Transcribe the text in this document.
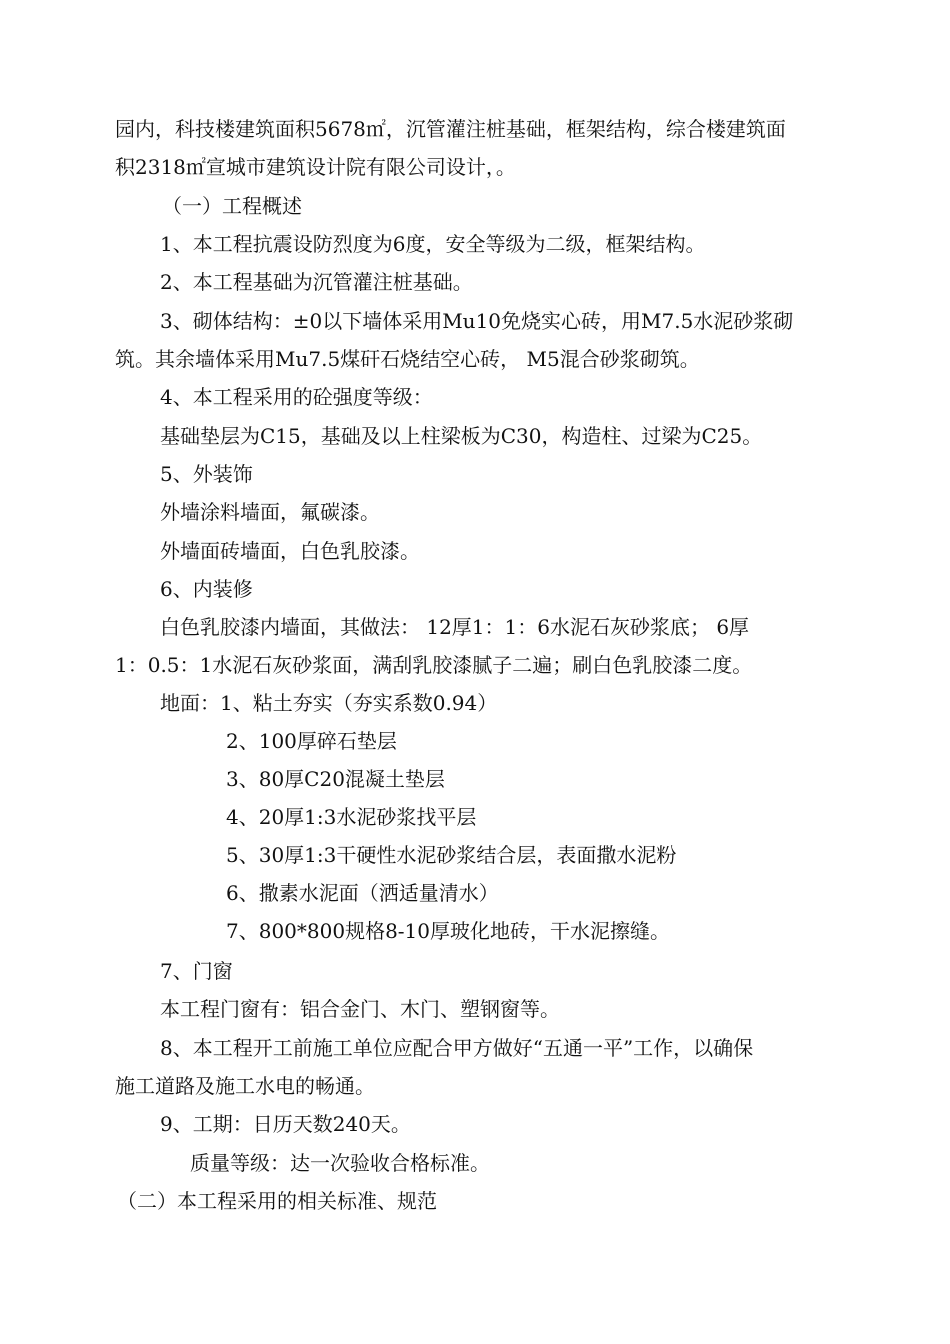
园内，科技楼建筑面积5678㎡，沉管灌注桩基础，框架结构，综合楼建筑面
积2318㎡宣城市建筑设计院有限公司设计，。
（一）工程概述
1、本工程抗震设防烈度为6度，安全等级为二级，框架结构。
2、本工程基础为沉管灌注桩基础。
3、砌体结构：±0以下墙体采用Mu10免烧实心砖，用M7.5水泥砂浆砌
筑。其余墙体采用Mu7.5煤矸石烧结空心砖， M5混合砂浆砌筑。
4、本工程采用的砼强度等级：
基础垫层为C15，基础及以上柱梁板为C30，构造柱、过梁为C25。
5、外装饰
外墙涂料墙面，氟碳漆。
外墙面砖墙面，白色乳胶漆。
6、内装修
白色乳胶漆内墙面，其做法： 12厚1：1：6水泥石灰砂浆底； 6厚
1：0.5：1水泥石灰砂浆面，满刮乳胶漆腻子二遍；刷白色乳胶漆二度。
地面：1、粘土夯实（夯实系数0.94）
2、100厚碎石垫层
3、80厚C20混凝土垫层
4、20厚1:3水泥砂浆找平层
5、30厚1:3干硬性水泥砂浆结合层，表面撒水泥粉
6、撒素水泥面（洒适量清水）
7、800*800规格8-10厚玻化地砖，干水泥擦缝。
7、门窗
本工程门窗有：铝合金门、木门、塑钢窗等。
8、本工程开工前施工单位应配合甲方做好“五通一平”工作，以确保
施工道路及施工水电的畅通。
9、工期：日历天数240天。
质量等级：达一次验收合格标准。
（二）本工程采用的相关标准、规范
